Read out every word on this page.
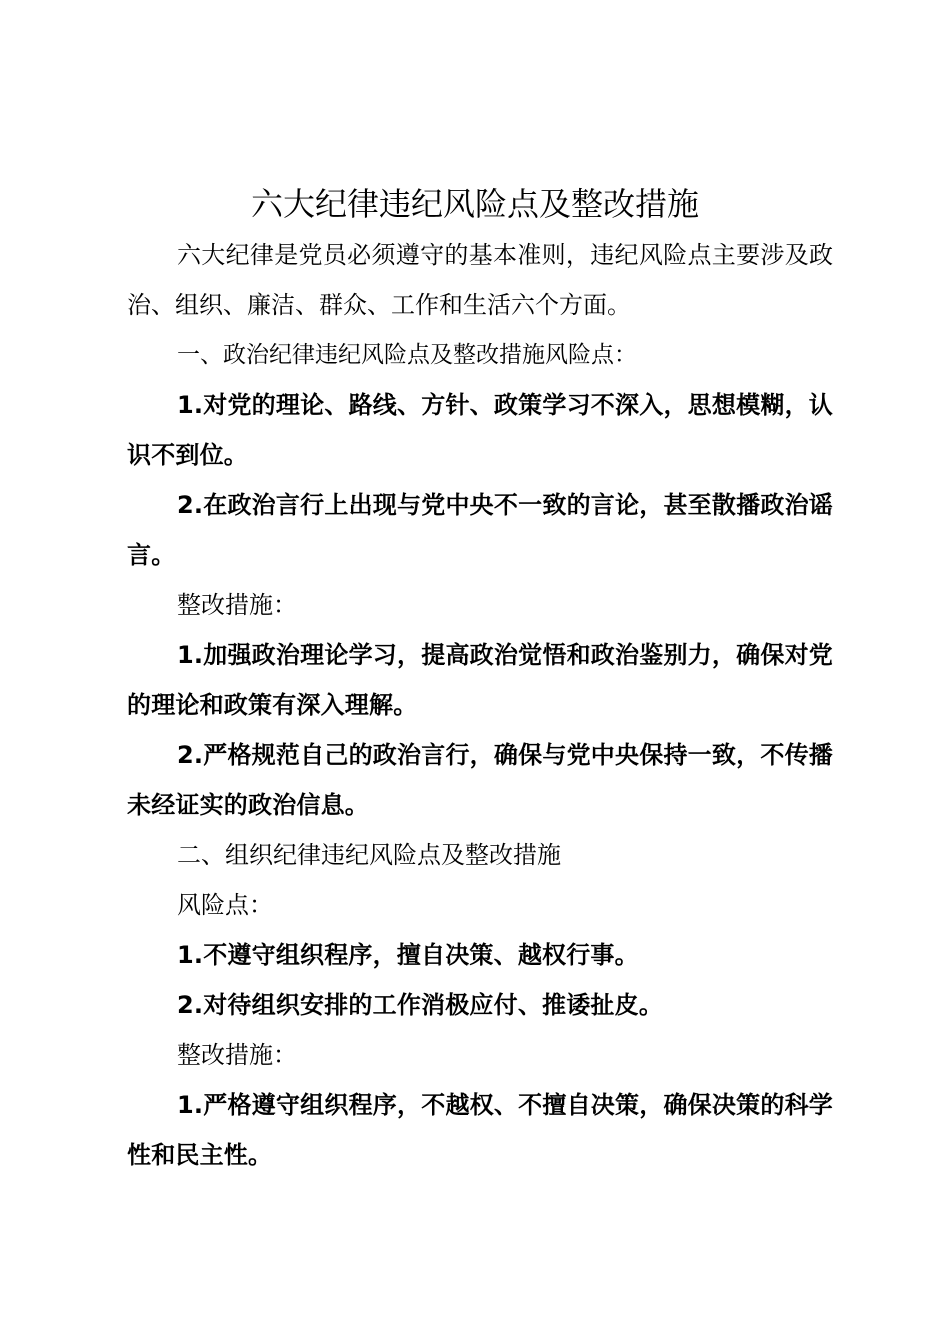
六大纪律违纪风险点及整改措施

六大纪律是党员必须遵守的基本准则，违纪风险点主要涉及政治、组织、廉洁、群众、工作和生活六个方面。

一、政治纪律违纪风险点及整改措施风险点：

1.对党的理论、路线、方针、政策学习不深入，思想模糊，认识不到位。

2.在政治言行上出现与党中央不一致的言论，甚至散播政治谣言。

整改措施：

1.加强政治理论学习，提高政治觉悟和政治鉴别力，确保对党的理论和政策有深入理解。

2.严格规范自己的政治言行，确保与党中央保持一致，不传播未经证实的政治信息。

二、组织纪律违纪风险点及整改措施

风险点：

1.不遵守组织程序，擅自决策、越权行事。

2.对待组织安排的工作消极应付、推诿扯皮。

整改措施：

1.严格遵守组织程序，不越权、不擅自决策，确保决策的科学性和民主性。
